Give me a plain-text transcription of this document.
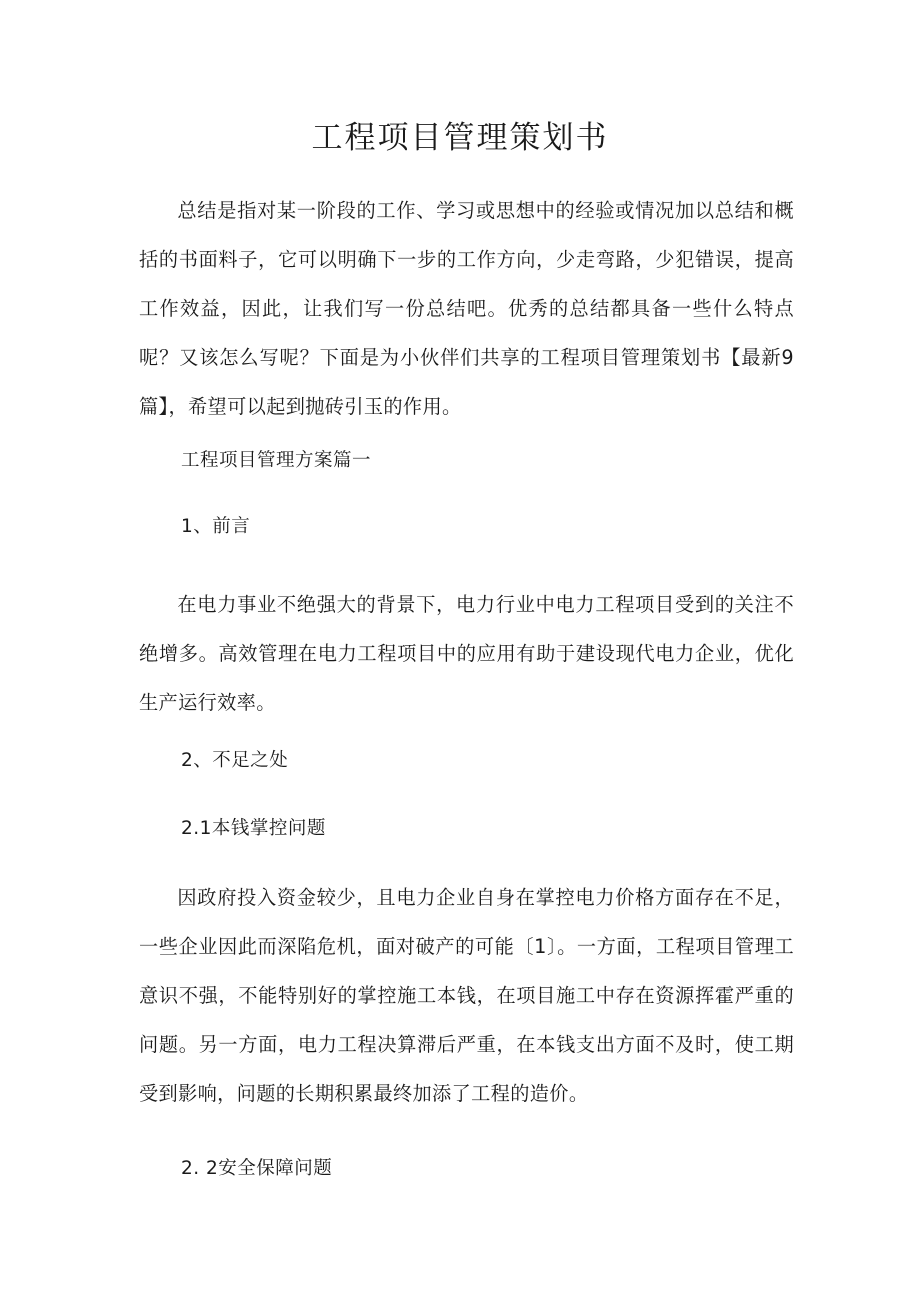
工程项目管理策划书

总结是指对某一阶段的工作、学习或思想中的经验或情况加以总结和概括的书面料子，它可以明确下一步的工作方向，少走弯路，少犯错误，提高工作效益，因此，让我们写一份总结吧。优秀的总结都具备一些什么特点呢？又该怎么写呢？下面是为小伙伴们共享的工程项目管理策划书【最新9篇】，希望可以起到抛砖引玉的作用。

工程项目管理方案篇一

1、前言

在电力事业不绝强大的背景下，电力行业中电力工程项目受到的关注不绝增多。高效管理在电力工程项目中的应用有助于建设现代电力企业，优化生产运行效率。

2、不足之处

2.1本钱掌控问题

因政府投入资金较少，且电力企业自身在掌控电力价格方面存在不足，一些企业因此而深陷危机，面对破产的可能〔1〕。一方面，工程项目管理工意识不强，不能特别好的掌控施工本钱，在项目施工中存在资源挥霍严重的问题。另一方面，电力工程决算滞后严重，在本钱支出方面不及时，使工期受到影响，问题的长期积累最终加添了工程的造价。

2. 2安全保障问题
